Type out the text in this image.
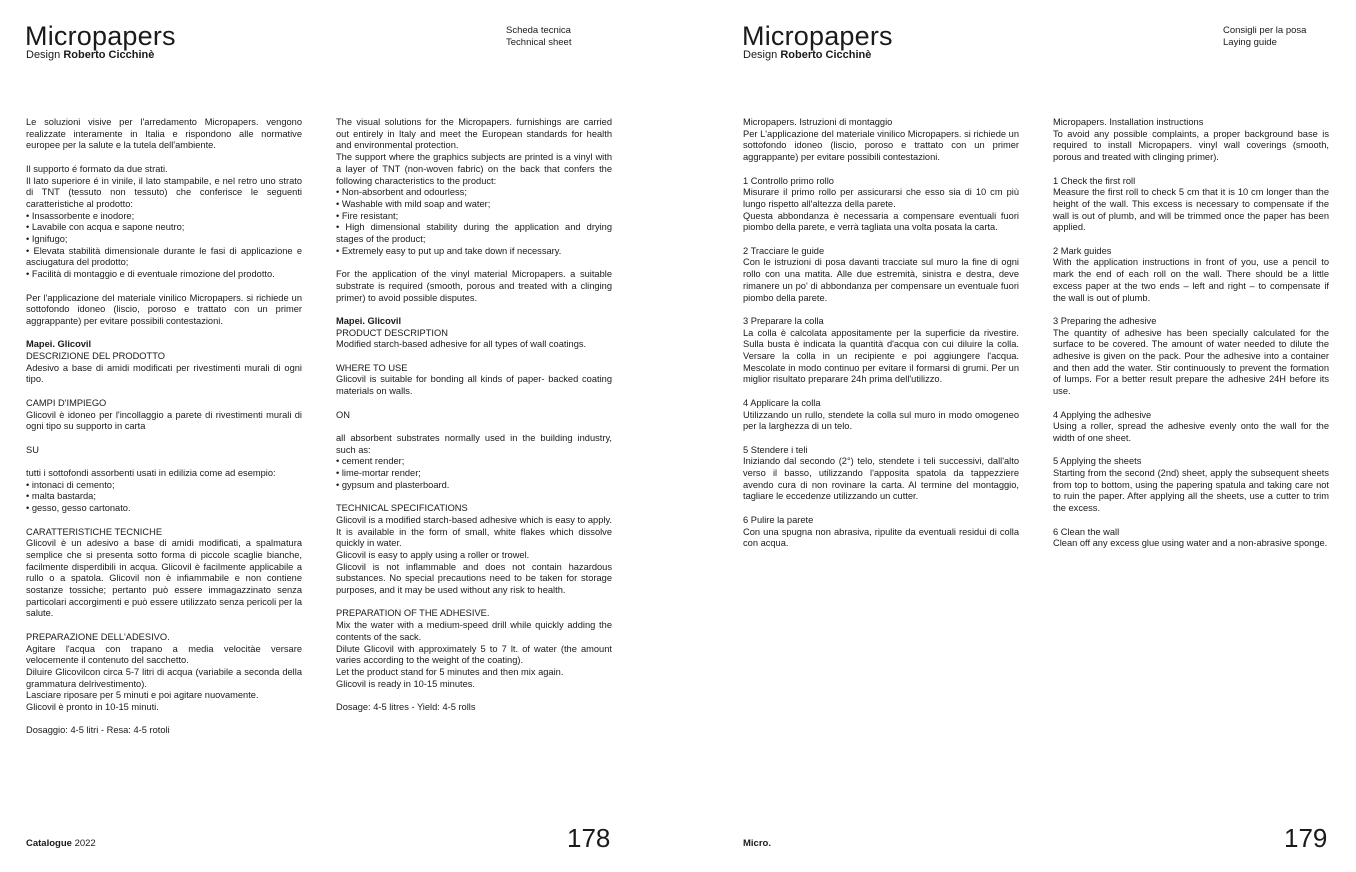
Micropapers
Design Roberto Cicchinè
Scheda tecnica
Technical sheet
Le soluzioni visive per l'arredamento Micropapers. vengono realizzate interamente in Italia e rispondono alle normative europee per la salute e la tutela dell'ambiente.
Il supporto é formato da due strati.
Il lato superiore é in vinile, il lato stampabile, e nel retro uno strato di TNT (tessuto non tessuto) che conferisce le seguenti caratteristiche al prodotto:
• Insassorbente e inodore;
• Lavabile con acqua e sapone neutro;
• Ignifugo;
• Elevata stabilità dimensionale durante le fasi di applicazione e asciugatura del prodotto;
• Facilità di montaggio e di eventuale rimozione del prodotto.
Per l'applicazione del materiale vinilico Micropapers. si richiede un sottofondo idoneo (liscio, poroso e trattato con un primer aggrappante) per evitare possibili contestazioni.
Mapei. Glicovil
DESCRIZIONE DEL PRODOTTO
Adesivo a base di amidi modificati per rivestimenti murali di ogni tipo.
CAMPI D'IMPIEGO
Glicovil è idoneo per l'incollaggio a parete di rivestimenti murali di ogni tipo su supporto in carta
SU
tutti i sottofondi assorbenti usati in edilizia come ad esempio:
• intonaci di cemento;
• malta bastarda;
• gesso, gesso cartonato.
CARATTERISTICHE TECNICHE
Glicovil è un adesivo a base di amidi modificati, a spalmatura semplice che si presenta sotto forma di piccole scaglie bianche, facilmente disperdibili in acqua. Glicovil è facilmente applicabile a rullo o a spatola. Glicovil non è infiammabile e non contiene sostanze tossiche; pertanto può essere immagazzinato senza particolari accorgimenti e può essere utilizzato senza pericoli per la salute.
PREPARAZIONE DELL'ADESIVO.
Agitare l'acqua con trapano a media velocitàe versare velocemente il contenuto del sacchetto.
Diluire Glicovilcon circa 5-7 litri di acqua (variabile a seconda della grammatura delrivestimento).
Lasciare riposare per 5 minuti e poi agitare nuovamente.
Glicovil è pronto in 10-15 minuti.
Dosaggio: 4-5 litri - Resa: 4-5 rotoli
The visual solutions for the Micropapers. furnishings are carried out entirely in Italy and meet the European standards for health and environmental protection.
The support where the graphics subjects are printed is a vinyl with a layer of TNT (non-woven fabric) on the back that confers the following characteristics to the product:
• Non-absorbent and odourless;
• Washable with mild soap and water;
• Fire resistant;
• High dimensional stability during the application and drying stages of the product;
• Extremely easy to put up and take down if necessary.
For the application of the vinyl material Micropapers. a suitable substrate is required (smooth, porous and treated with a clinging primer) to avoid possible disputes.
Mapei. Glicovil
PRODUCT DESCRIPTION
Modified starch-based adhesive for all types of wall coatings.
WHERE TO USE
Glicovil is suitable for bonding all kinds of paper- backed coating materials on walls.
ON
all absorbent substrates normally used in the building industry, such as:
• cement render;
• lime-mortar render;
• gypsum and plasterboard.
TECHNICAL SPECIFICATIONS
Glicovil is a modified starch-based adhesive which is easy to apply. It is available in the form of small, white flakes which dissolve quickly in water.
Glicovil is easy to apply using a roller or trowel.
Glicovil is not inflammable and does not contain hazardous substances. No special precautions need to be taken for storage purposes, and it may be used without any risk to health.
PREPARATION OF THE ADHESIVE.
Mix the water with a medium-speed drill while quickly adding the contents of the sack.
Dilute Glicovil with approximately 5 to 7 lt. of water (the amount varies according to the weight of the coating).
Let the product stand for 5 minutes and then mix again.
Glicovil is ready in 10-15 minutes.
Dosage: 4-5 litres - Yield: 4-5 rolls
Catalogue 2022	178
Micropapers
Design Roberto Cicchinè
Consigli per la posa
Laying guide
Micropapers. Istruzioni di montaggio
Per L'applicazione del materiale vinilico Micropapers. si richiede un sottofondo idoneo (liscio, poroso e trattato con un primer aggrappante) per evitare possibili contestazioni.
1 Controllo primo rollo
Misurare il primo rollo per assicurarsi che esso sia di 10 cm più lungo rispetto all'altezza della parete.
Questa abbondanza è necessaria a compensare eventuali fuori piombo della parete, e verrà tagliata una volta posata la carta.
2 Tracciare le guide
Con le istruzioni di posa davanti tracciate sul muro la fine di ogni rollo con una matita. Alle due estremità, sinistra e destra, deve rimanere un po' di abbondanza per compensare un eventuale fuori piombo della parete.
3 Preparare la colla
La colla è calcolata appositamente per la superficie da rivestire. Sulla busta è indicata la quantità d'acqua con cui diluire la colla. Versare la colla in un recipiente e poi aggiungere l'acqua. Mescolate in modo continuo per evitare il formarsi di grumi. Per un miglior risultato preparare 24h prima dell'utilizzo.
4 Applicare la colla
Utilizzando un rullo, stendete la colla sul muro in modo omogeneo per la larghezza di un telo.
5 Stendere i teli
Iniziando dal secondo (2°) telo, stendete i teli successivi, dall'alto verso il basso, utilizzando l'apposita spatola da tappezziere avendo cura di non rovinare la carta. Al termine del montaggio, tagliare le eccedenze utilizzando un cutter.
6 Pulire la parete
Con una spugna non abrasiva, ripulite da eventuali residui di colla con acqua.
Micropapers. Installation instructions
To avoid any possible complaints, a proper background base is required to install Micropapers. vinyl wall coverings (smooth, porous and treated with clinging primer).
1 Check the first roll
Measure the first roll to check 5 cm that it is 10 cm longer than the height of the wall. This excess is necessary to compensate if the wall is out of plumb, and will be trimmed once the paper has been applied.
2 Mark guides
With the application instructions in front of you, use a pencil to mark the end of each roll on the wall. There should be a little excess paper at the two ends – left and right – to compensate if the wall is out of plumb.
3 Preparing the adhesive
The quantity of adhesive has been specially calculated for the surface to be covered. The amount of water needed to dilute the adhesive is given on the pack. Pour the adhesive into a container and then add the water. Stir continuously to prevent the formation of lumps. For a better result prepare the adhesive 24H before its use.
4 Applying the adhesive
Using a roller, spread the adhesive evenly onto the wall for the width of one sheet.
5 Applying the sheets
Starting from the second (2nd) sheet, apply the subsequent sheets from top to bottom, using the papering spatula and taking care not to ruin the paper. After applying all the sheets, use a cutter to trim the excess.
6 Clean the wall
Clean off any excess glue using water and a non-abrasive sponge.
Micro.	179
